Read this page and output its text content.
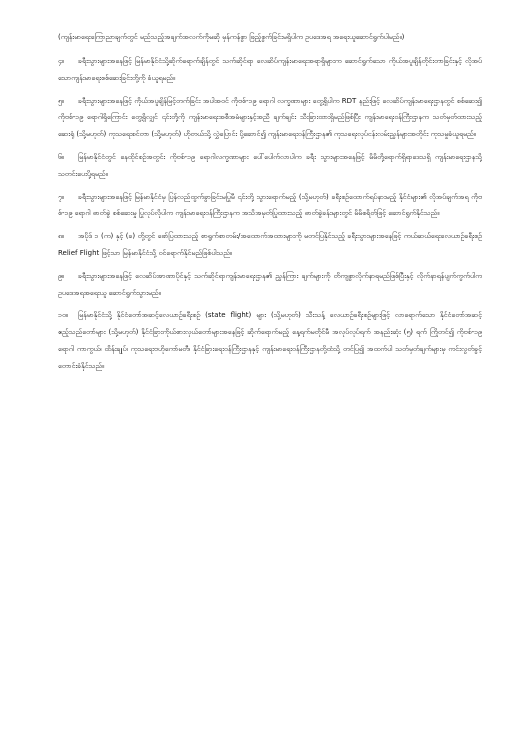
(ကျန်းမာရေးကြောညာချက်တွင် မည်သည့်အချက်အလက်ကိုမဆို မှန်ကန်စွာ ဖြည့်စွက်ခြင်းမရှိပါက ဥပဒေအရ အရေးယူဆောင်ရွက်ပါမည်။)

၄။ ခရီးသွားများအနေဖြင့် မြန်မာနိုင်ငံသို့ဆိုက်ရောက်ချိန်တွင် သက်ဆိုင်ရာ လေဆိပ်ကျန်းမာရေးအရာရှိများက ဆောင်ရွက်သော ကိုယ်အပူချိန်တိုင်းတာခြင်းနှင့် လိုအပ်သောကျန်းမာရေးစစ်ဆေးခြင်းတို့ကို ခံယူရမည်။
၅။ ခရီးသွားများအနေဖြင့် ကိုယ်အပူချိန်မြင့်တက်ခြင်း အပါအဝင် ကိုဗစ်-၁၉ ရောဂါ လက္ခဏာများ တွေ့ရှိပါက RDT နည်းဖြင့် လေဆိပ်ကျန်းမာရေးဌာနတွင် စစ်ဆေး၍ ကိုဗစ်-၁၉ ရောဂါရှိကြောင်း တွေ့ရှိလျှင် ၎င်းတို့ကို ကျန်းမာရေးအစီအမံများနှင့်အညီ ချက်ချင်း သီးခြားထားရှိမည်ဖြစ်ပြီး ကျန်းမာရေးဝန်ကြီးဌာနက သတ်မှတ်ထားသည့် ဆေးရုံ (သို့မဟုတ်) ကုသရေးစင်တာ (သို့မဟုတ်) ဟိုတယ်သို့ လွှဲပြောင်း ပို့ဆောင်၍ ကျန်းမာရေးဝန်ကြီးဌာန၏ ကုသရေးလုပ်ငန်းလမ်းညွှန်များအတိုင်း ကုသမှုခံယူရမည်။
၆။ မြန်မာနိုင်ငံတွင် နေထိုင်စဉ်အတွင်း ကိုဗစ်-၁၉ ရောဂါလက္ခဏာများ ပေါ်ပေါက်လာပါက ခရီး သွားများအနေဖြင့် မိမိတို့ရောက်ရှိရာဒေသရှိ ကျန်းမာရေးဌာနသို့ သတင်းပေးပို့ရမည်။
၇။ ခရီးသွားများအနေဖြင့် မြန်မာနိုင်ငံမှ ပြန်လည်ထွက်ခွာခြင်းမပြုမီ ၎င်းတို့ သွားရောက်မည့် (သို့မဟုတ်) ခရီးစဉ်ထောက်ရပ်နားမည့် နိုင်ငံများ၏ လိုအပ်ချက်အရ ကိုဗစ်-၁၉ ရောဂါ ဓာတ်ခွဲ စစ်ဆေးမှု ပြုလုပ်လိုပါက ကျန်းမာရေးဝန်ကြီးဌာနက အသိအမှတ်ပြုထားသည့် ဓာတ်ခွဲခန်းများတွင် မိမိစရိတ်ဖြင့် ဆောင်ရွက်နိုင်သည်။
၈။ အပိုဒ် ၁ (က) နှင့် (ခ) တို့တွင် ဖော်ပြထားသည့် စာရွက်စာတမ်း/အထောက်အထားများကို မတင်ပြနိုင်သည့် ခရီးသွားများအနေဖြင့် ကယ်ဆယ်ရေးလေယာဉ်ခရီးစဉ် Relief Flight ဖြင့်သာ မြန်မာနိုင်ငံသို့ ဝင်ရောက်နိုင်မည်ဖြစ်ပါသည်။
၉။ ခရီးသွားများအနေဖြင့် လေဆိပ်အာဏာပိုင်နှင့် သက်ဆိုင်ရာကျန်းမာရေးဌာန၏ ညွှန်ကြား ချက်များကို တိကျစွာလိုက်နာရမည်ဖြစ်ပြီးနှင့် လိုက်နာရန်ပျက်ကွက်ပါက ဥပဒေအရအရေးယူ ဆောင်ရွက်သွားမည်။
၁၀။ မြန်မာနိုင်ငံသို့ နိုင်ငံတော်အဆင့်လေယာဉ်ခရီးစဉ် (state flight) များ (သို့မဟုတ်) သီးသန့် လေယာဉ်ခရီးစဉ်များဖြင့် လာရောက်သော နိုင်ငံတော်အဆင့် ဧည့်သည်တော်များ (သို့မဟုတ်) နိုင်ငံခြားကိုယ်စားလှယ်တော်များအနေဖြင့် ဆိုက်ရောက်မည့် နေ့ရက်မတိုင်မီ အလုပ်လုပ်ရက် အနည်းဆုံး (၅) ရက် ကြိုတင်၍ ကိုဗစ်-၁၉ ရောဂါ ကာကွယ်၊ ထိန်းချုပ်၊ ကုသရေးဗဟိုကော်မတီ၊ နိုင်ငံခြားရေးဝန်ကြီးဌာနနှင့် ကျန်းမာရေးဝန်ကြီးဌာနတို့ထံသို့ တင်ပြ၍ အထက်ပါ သတ်မှတ်ချက်များမှ ကင်းလွတ်ခွင့် တောင်းခံနိုင်သည်။
